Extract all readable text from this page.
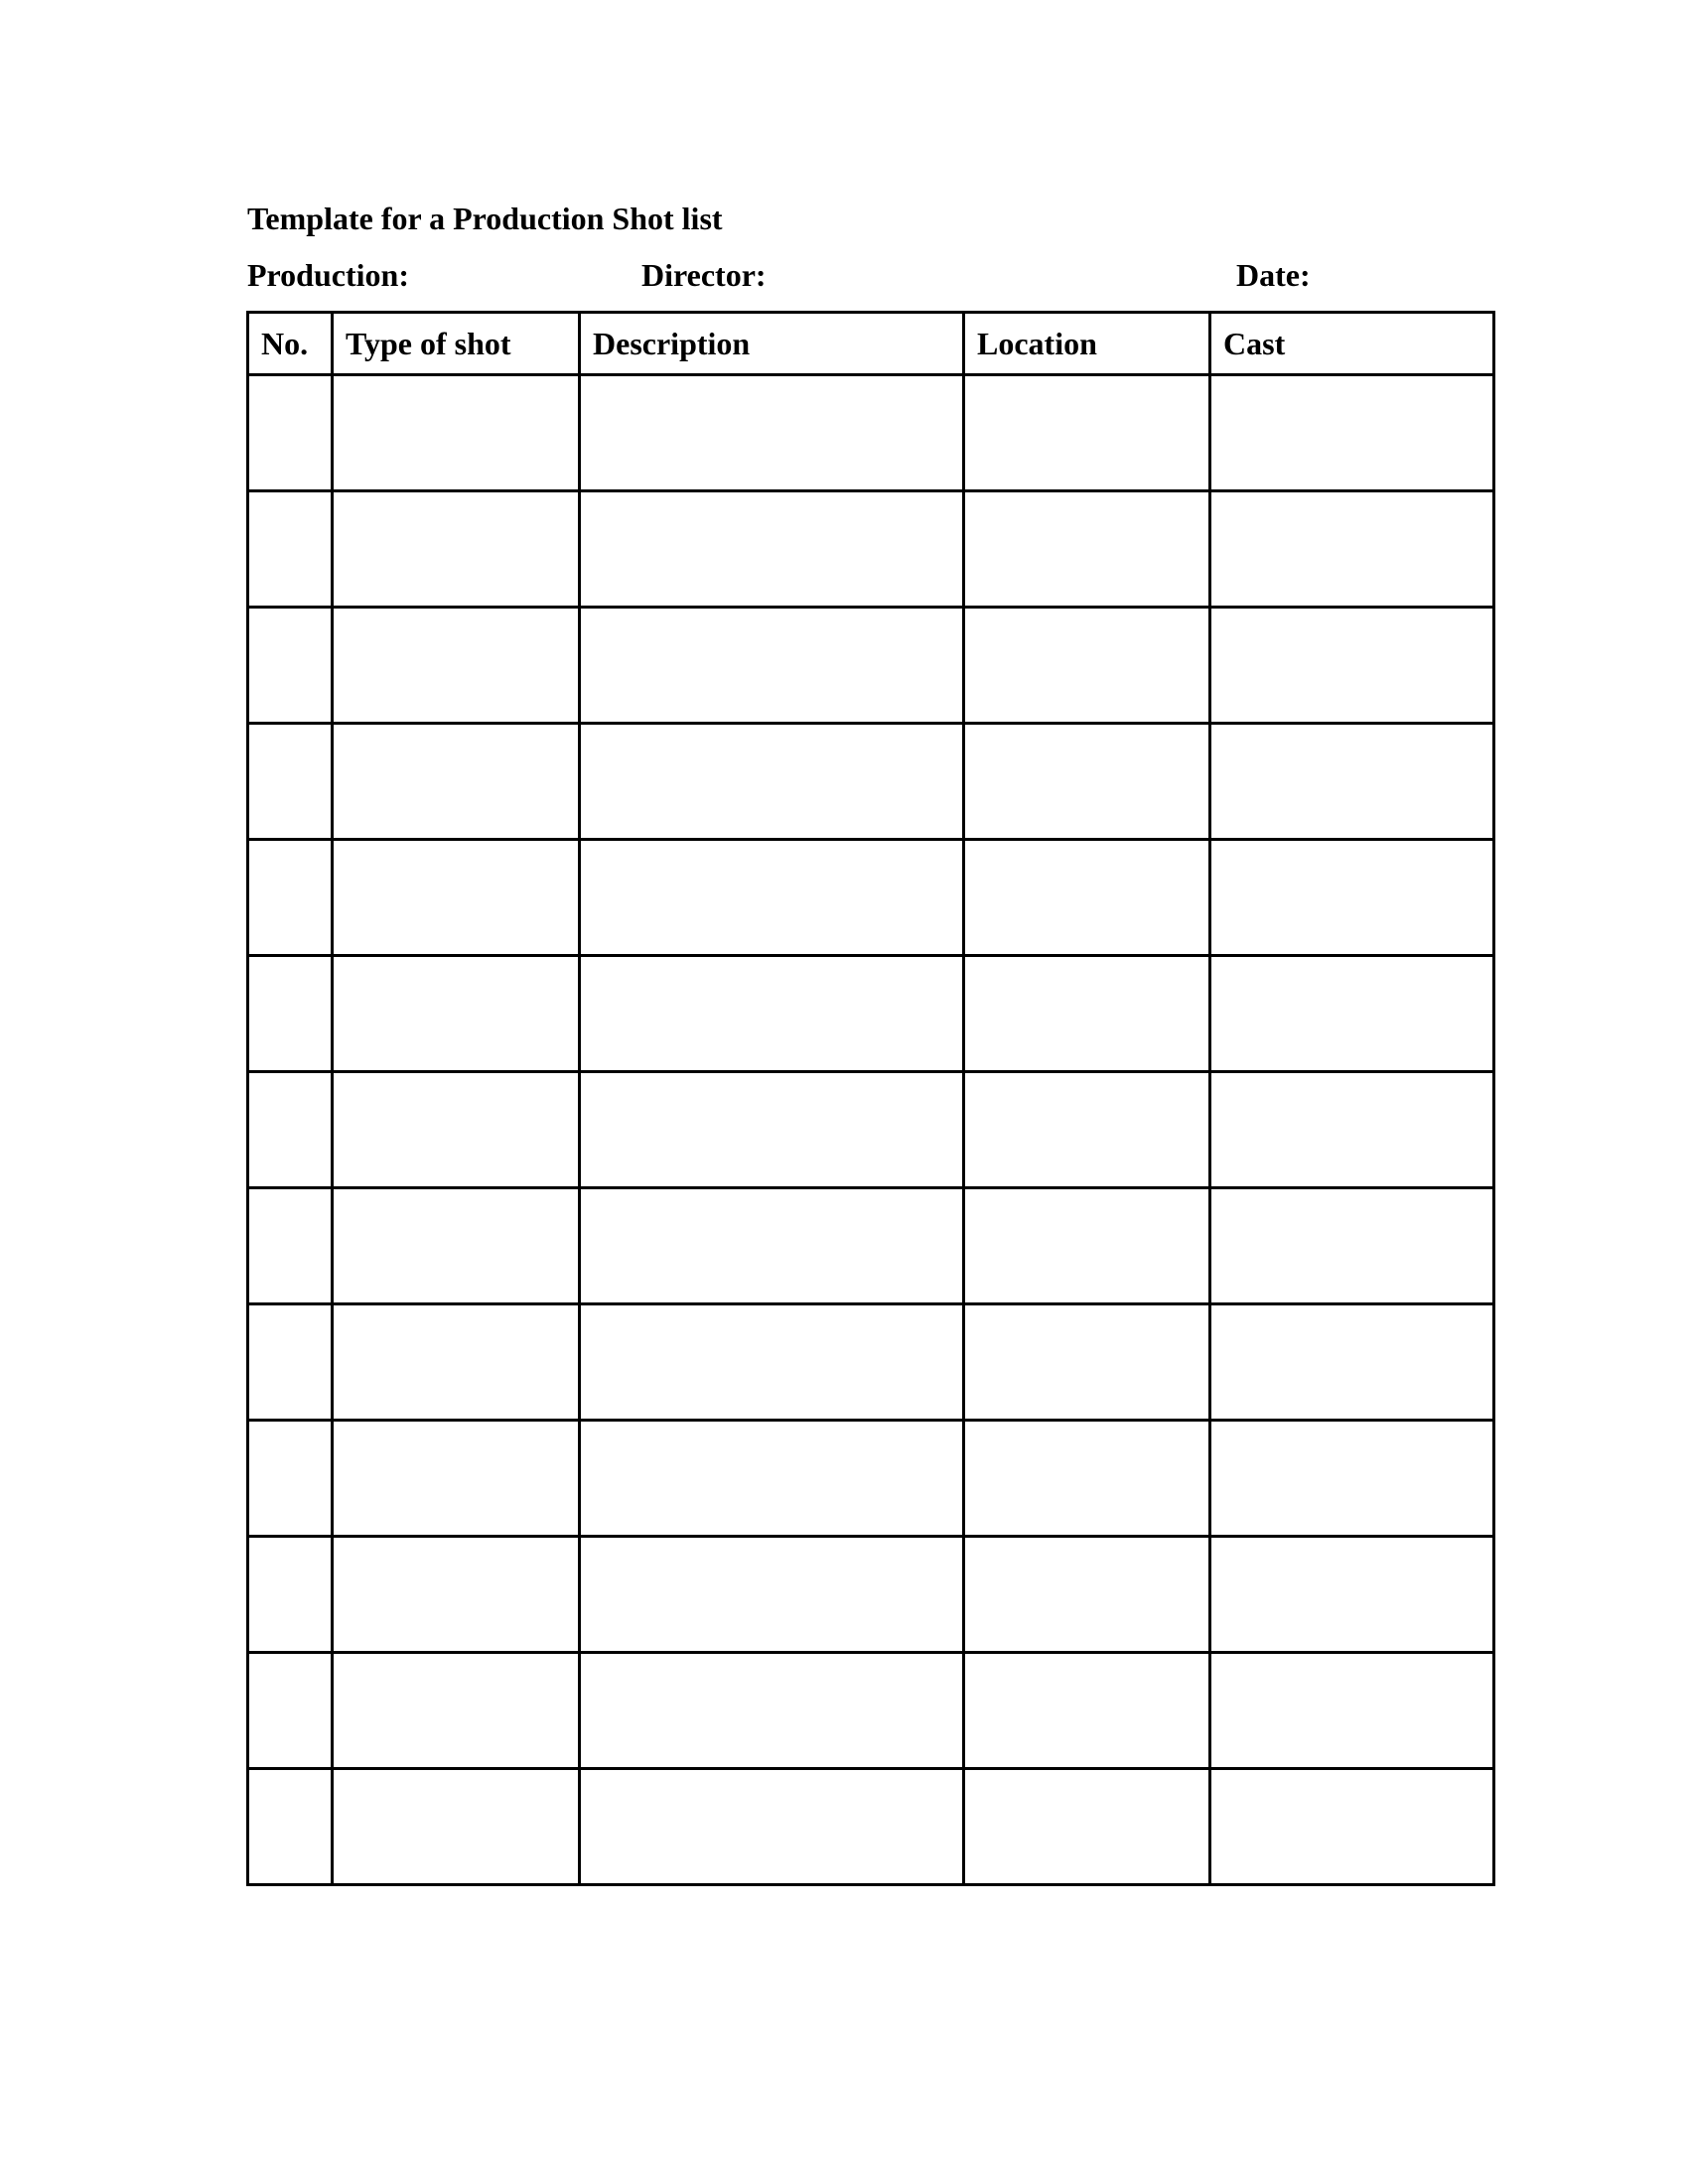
Template for a Production Shot list
Production:	Director:	Date:
No.	Type of shot	Description	Location	Cast
